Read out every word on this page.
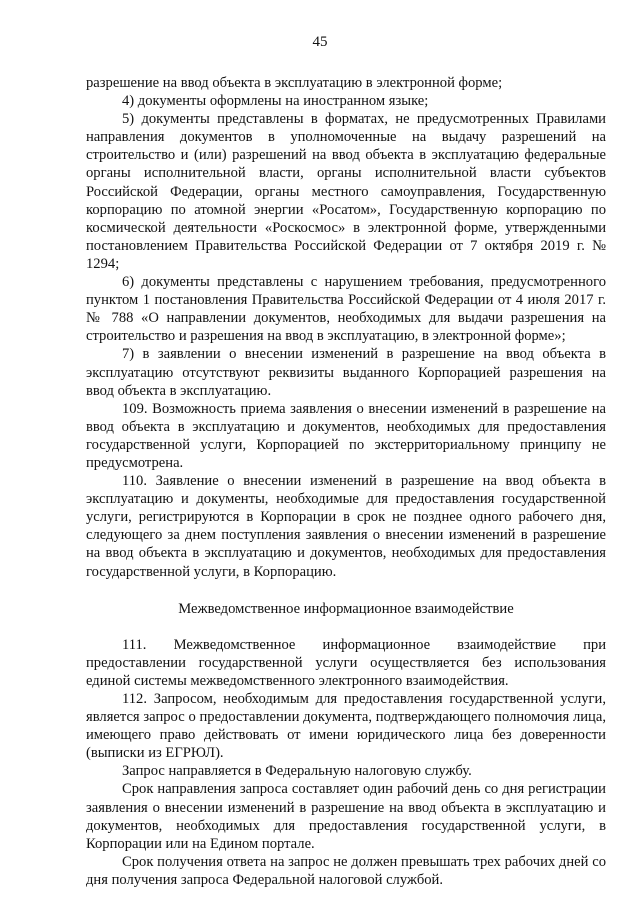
45

разрешение на ввод объекта в эксплуатацию в электронной форме;

4) документы оформлены на иностранном языке;

5) документы представлены в форматах, не предусмотренных Правилами направления документов в уполномоченные на выдачу разрешений на строительство и (или) разрешений на ввод объекта в эксплуатацию федеральные органы исполнительной власти, органы исполнительной власти субъектов Российской Федерации, органы местного самоуправления, Государственную корпорацию по атомной энергии «Росатом», Государственную корпорацию по космической деятельности «Роскосмос» в электронной форме, утвержденными постановлением Правительства Российской Федерации от 7 октября 2019 г. № 1294;

6) документы представлены с нарушением требования, предусмотренного пунктом 1 постановления Правительства Российской Федерации от 4 июля 2017 г. № 788 «О направлении документов, необходимых для выдачи разрешения на строительство и разрешения на ввод в эксплуатацию, в электронной форме»;

7) в заявлении о внесении изменений в разрешение на ввод объекта в эксплуатацию отсутствуют реквизиты выданного Корпорацией разрешения на ввод объекта в эксплуатацию.

109. Возможность приема заявления о внесении изменений в разрешение на ввод объекта в эксплуатацию и документов, необходимых для предоставления государственной услуги, Корпорацией по экстерриториальному принципу не предусмотрена.

110. Заявление о внесении изменений в разрешение на ввод объекта в эксплуатацию и документы, необходимые для предоставления государственной услуги, регистрируются в Корпорации в срок не позднее одного рабочего дня, следующего за днем поступления заявления о внесении изменений в разрешение на ввод объекта в эксплуатацию и документов, необходимых для предоставления государственной услуги, в Корпорацию.

Межведомственное информационное взаимодействие

111. Межведомственное информационное взаимодействие при предоставлении государственной услуги осуществляется без использования единой системы межведомственного электронного взаимодействия.

112. Запросом, необходимым для предоставления государственной услуги, является запрос о предоставлении документа, подтверждающего полномочия лица, имеющего право действовать от имени юридического лица без доверенности (выписки из ЕГРЮЛ).

Запрос направляется в Федеральную налоговую службу.

Срок направления запроса составляет один рабочий день со дня регистрации заявления о внесении изменений в разрешение на ввод объекта в эксплуатацию и документов, необходимых для предоставления государственной услуги, в Корпорации или на Едином портале.

Срок получения ответа на запрос не должен превышать трех рабочих дней со дня получения запроса Федеральной налоговой службой.
